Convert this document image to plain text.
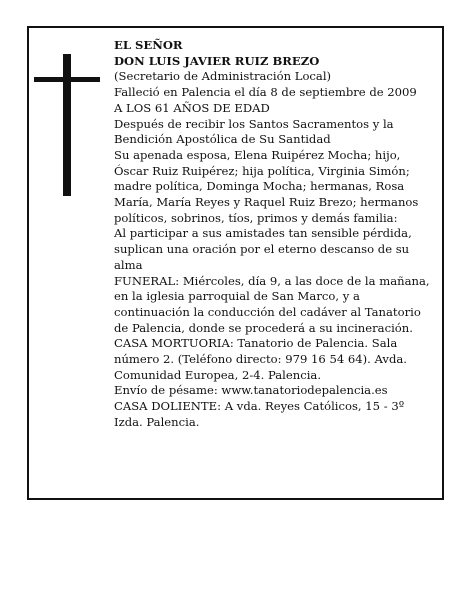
EL SEÑOR

DON LUIS JAVIER RUIZ BREZO

(Secretario de Administración Local)

Falleció en Palencia el día 8 de septiembre de 2009

A LOS 61 AÑOS DE EDAD

Después de recibir los Santos Sacramentos y la Bendición Apostólica de Su Santidad

Su apenada esposa, Elena Ruipérez Mocha; hijo, Óscar Ruiz Ruipérez; hija política, Virginia Simón; madre política, Dominga Mocha; hermanas, Rosa María, María Reyes y Raquel Ruiz Brezo; hermanos políticos, sobrinos, tíos, primos y demás familia:

Al participar a sus amistades tan sensible pérdida, suplican una oración por el eterno descanso de su alma

FUNERAL: Miércoles, día 9, a las doce de la mañana, en la iglesia parroquial de San Marco, y a continuación la conducción del cadáver al Tanatorio de Palencia, donde se procederá a su incineración.

CASA MORTUORIA: Tanatorio de Palencia. Sala número 2. (Teléfono directo: 979 16 54 64). Avda. Comunidad Europea, 2-4. Palencia.

Envío de pésame: www.tanatoriodepalencia.es

CASA DOLIENTE: A vda. Reyes Católicos, 15 - 3º Izda. Palencia.
